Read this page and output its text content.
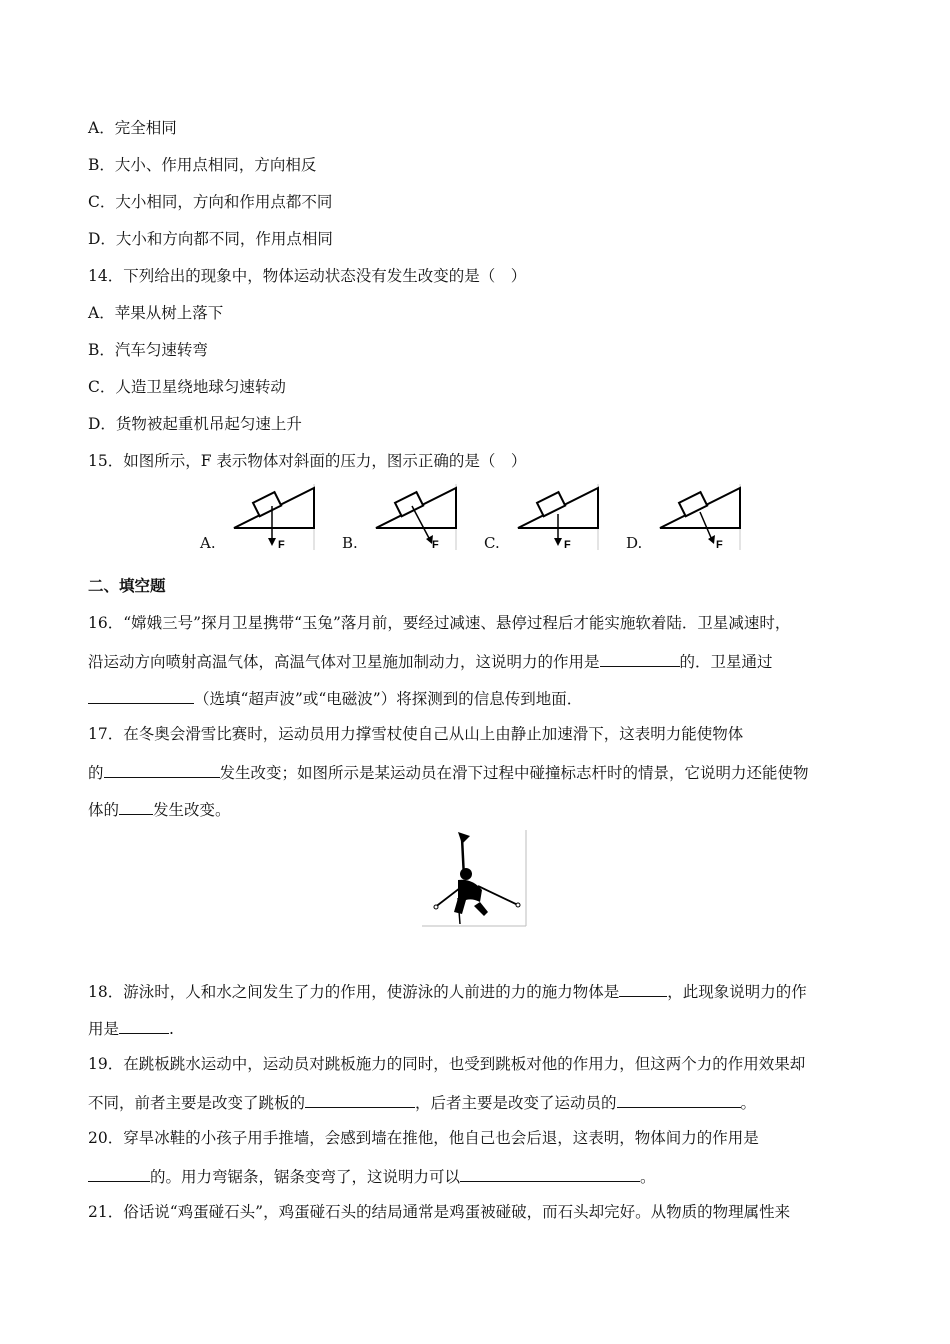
A．完全相同
B．大小、作用点相同，方向相反
C．大小相同，方向和作用点都不同
D．大小和方向都不同，作用点相同
14．下列给出的现象中，物体运动状态没有发生改变的是（　）
A．苹果从树上落下
B．汽车匀速转弯
C．人造卫星绕地球匀速转动
D．货物被起重机吊起匀速上升
15．如图所示，F 表示物体对斜面的压力，图示正确的是（　）
A.	F	B.	F	C.	F	D.	F
二、填空题
16．“嫦娥三号”探月卫星携带“玉兔”落月前，要经过减速、悬停过程后才能实施软着陆．卫星减速时，
沿运动方向喷射高温气体，高温气体对卫星施加制动力，这说明力的作用是	的．卫星通过
（选填“超声波”或“电磁波”）将探测到的信息传到地面．
17．在冬奥会滑雪比赛时，运动员用力撑雪杖使自己从山上由静止加速滑下，这表明力能使物体
的	发生改变；如图所示是某运动员在滑下过程中碰撞标志杆时的情景，它说明力还能使物
体的 发生改变。
18．游泳时，人和水之间发生了力的作用，使游泳的人前进的力的施力物体是	，此现象说明力的作
用是	.
19．在跳板跳水运动中，运动员对跳板施力的同时，也受到跳板对他的作用力，但这两个力的作用效果却
不同，前者主要是改变了跳板的	，后者主要是改变了运动员的	。
20．穿旱冰鞋的小孩子用手推墙，会感到墙在推他，他自己也会后退，这表明，物体间力的作用是
的。用力弯锯条，锯条变弯了，这说明力可以	。
21．俗话说“鸡蛋碰石头”，鸡蛋碰石头的结局通常是鸡蛋被碰破，而石头却完好。从物质的物理属性来
